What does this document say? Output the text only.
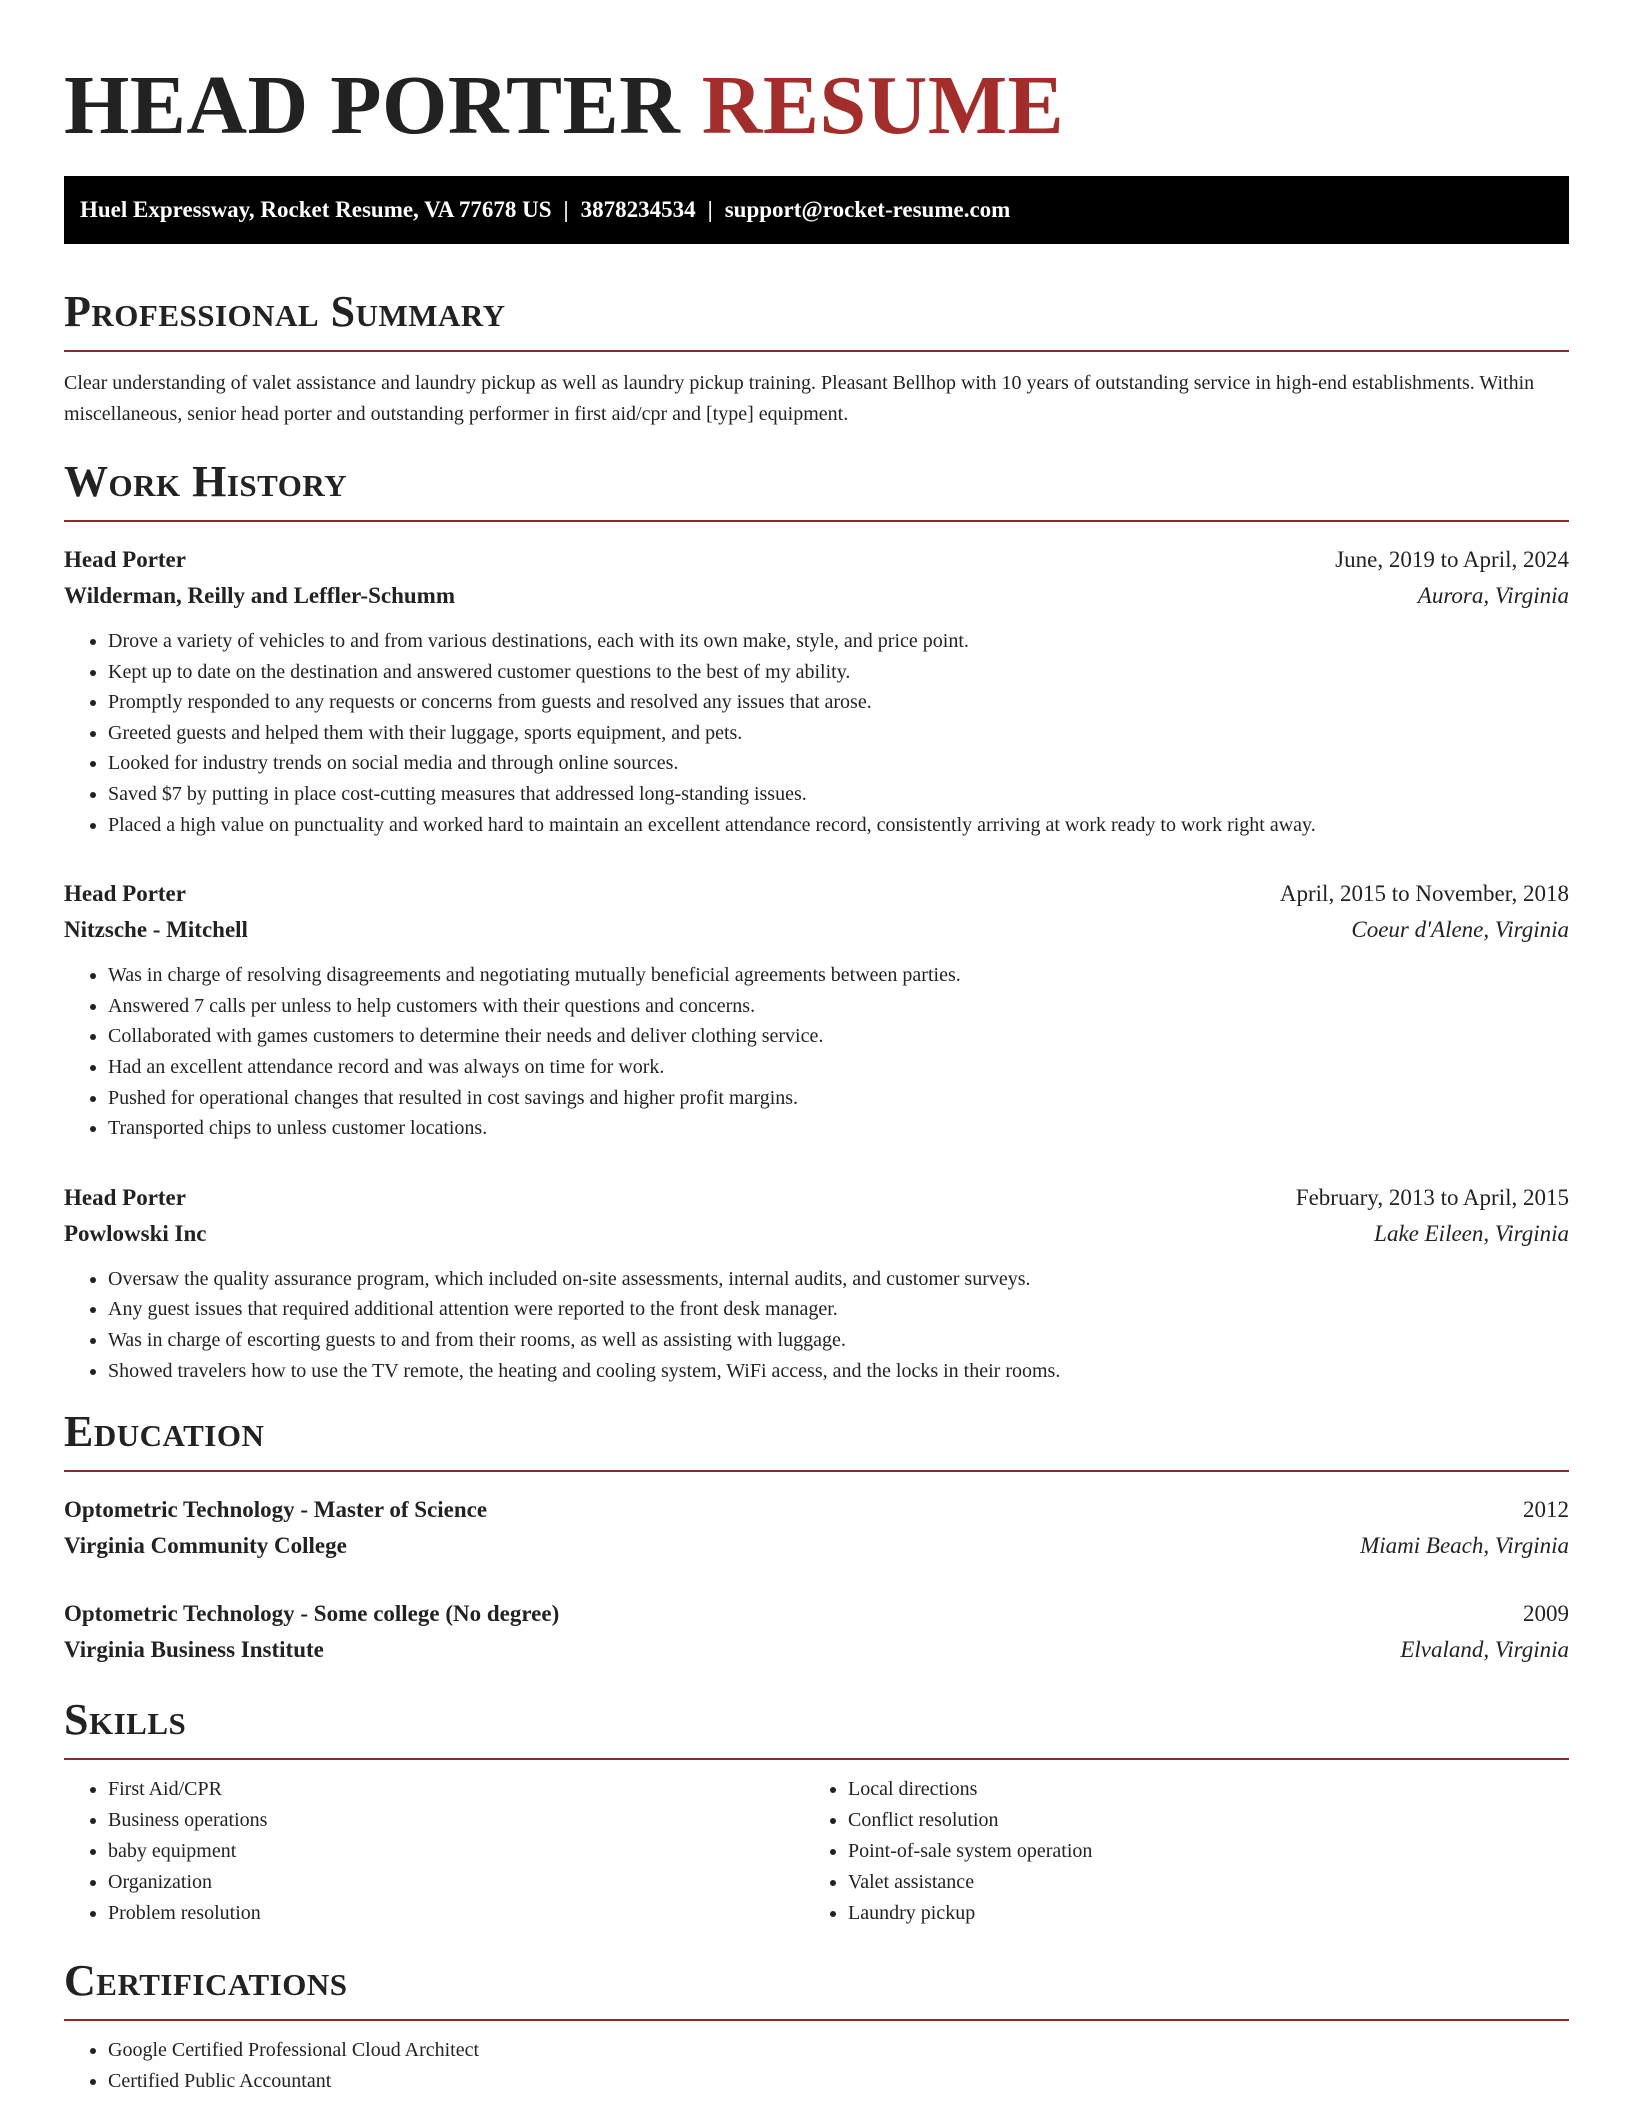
HEAD PORTER RESUME
Huel Expressway, Rocket Resume, VA 77678 US | 3878234534 | support@rocket-resume.com
Professional Summary

Clear understanding of valet assistance and laundry pickup as well as laundry pickup training. Pleasant Bellhop with 10 years of outstanding service in high-end establishments. Within miscellaneous, senior head porter and outstanding performer in first aid/cpr and [type] equipment.

Work History
Head Porter	June, 2019 to April, 2024
Wilderman, Reilly and Leffler-Schumm	Aurora, Virginia
• Drove a variety of vehicles to and from various destinations, each with its own make, style, and price point.
• Kept up to date on the destination and answered customer questions to the best of my ability.
• Promptly responded to any requests or concerns from guests and resolved any issues that arose.
• Greeted guests and helped them with their luggage, sports equipment, and pets.
• Looked for industry trends on social media and through online sources.
• Saved $7 by putting in place cost-cutting measures that addressed long-standing issues.
• Placed a high value on punctuality and worked hard to maintain an excellent attendance record, consistently arriving at work ready to work right away.
Head Porter	April, 2015 to November, 2018
Nitzsche - Mitchell	Coeur d'Alene, Virginia
• Was in charge of resolving disagreements and negotiating mutually beneficial agreements between parties.
• Answered 7 calls per unless to help customers with their questions and concerns.
• Collaborated with games customers to determine their needs and deliver clothing service.
• Had an excellent attendance record and was always on time for work.
• Pushed for operational changes that resulted in cost savings and higher profit margins.
• Transported chips to unless customer locations.
Head Porter	February, 2013 to April, 2015
Powlowski Inc	Lake Eileen, Virginia
• Oversaw the quality assurance program, which included on-site assessments, internal audits, and customer surveys.
• Any guest issues that required additional attention were reported to the front desk manager.
• Was in charge of escorting guests to and from their rooms, as well as assisting with luggage.
• Showed travelers how to use the TV remote, the heating and cooling system, WiFi access, and the locks in their rooms.
Education
Optometric Technology - Master of Science	2012
Virginia Community College	Miami Beach, Virginia
Optometric Technology - Some college (No degree)	2009
Virginia Business Institute	Elvaland, Virginia
Skills
• First Aid/CPR
• Business operations
• baby equipment
• Organization
• Problem resolution
• Local directions
• Conflict resolution
• Point-of-sale system operation
• Valet assistance
• Laundry pickup
Certifications
• Google Certified Professional Cloud Architect
• Certified Public Accountant
